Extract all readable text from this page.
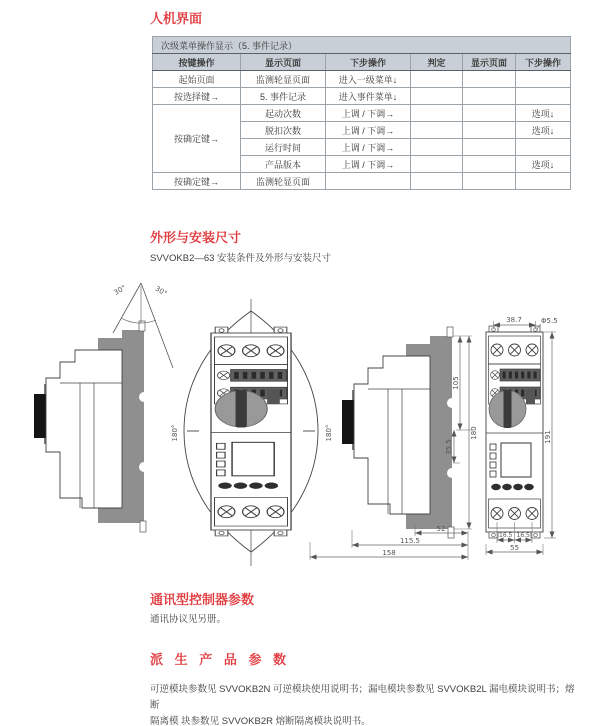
人机界面
次级菜单操作显示（5. 事件记录）					
按键操作	显示页面	下步操作	判定	显示页面	下步操作
起始页面	监测轮显页面	进入一级菜单↓			
按选择键→	5. 事件记录	进入事件菜单↓			
按确定键→	起动次数	上调 / 下调→			选项↓
	脱扣次数	上调 / 下调→			选项↓
	运行时间	上调 / 下调→			
	产品版本	上调 / 下调→			选项↓
按确定键→	监测轮显页面				
外形与安装尺寸
SVVOKB2—63 安装条件及外形与安装尺寸
30°	30°
180°	180°
105
180
35.5
52
115.5
158
38.7	Φ5.5
191
16.5 16.5
55
通讯型控制器参数
通讯协议见另册。
派 生 产 品 参 数
可逆模块参数见 SVVOKB2N 可逆模块使用说明书；漏电模块参数见 SVVOKB2L 漏电模块说明书；熔断
隔离模 块参数见 SVVOKB2R 熔断隔离模块说明书。
